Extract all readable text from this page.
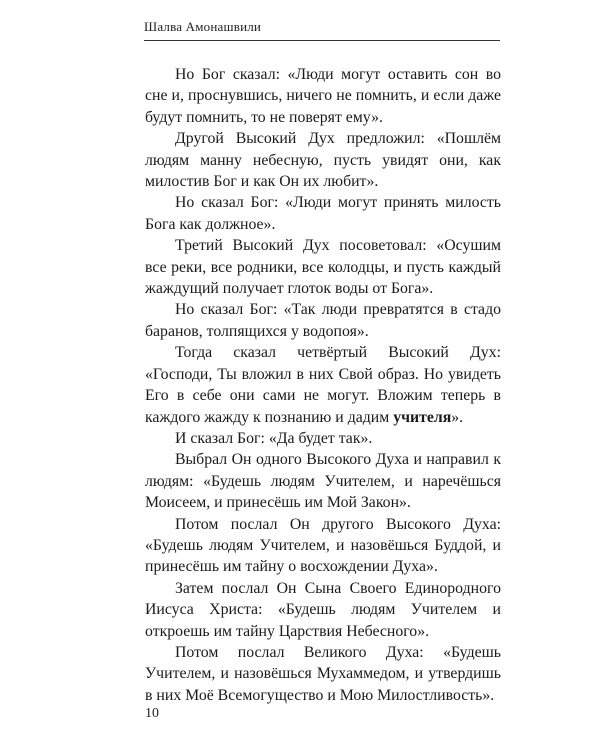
Шалва Амонашвили

Но Бог сказал: «Люди могут оставить сон во сне и, проснувшись, ничего не помнить, и если даже будут помнить, то не поверят ему».

Другой Высокий Дух предложил: «Пошлём людям манну небесную, пусть увидят они, как милостив Бог и как Он их любит».

Но сказал Бог: «Люди могут принять милость Бога как должное».

Третий Высокий Дух посоветовал: «Осушим все реки, все родники, все колодцы, и пусть каждый жаждущий получает глоток воды от Бога».

Но сказал Бог: «Так люди превратятся в стадо баранов, толпящихся у водопоя».

Тогда сказал четвёртый Высокий Дух: «Господи, Ты вложил в них Свой образ. Но увидеть Его в себе они сами не могут. Вложим теперь в каждого жажду к познанию и дадим учителя».

И сказал Бог: «Да будет так».

Выбрал Он одного Высокого Духа и направил к людям: «Будешь людям Учителем, и наречёшься Моисеем, и принесёшь им Мой Закон».

Потом послал Он другого Высокого Духа: «Будешь людям Учителем, и назовёшься Буддой, и принесёшь им тайну о восхождении Духа».

Затем послал Он Сына Своего Единородного Иисуса Христа: «Будешь людям Учителем и откроешь им тайну Царствия Небесного».

Потом послал Великого Духа: «Будешь Учителем, и назовёшься Мухаммедом, и утвердишь в них Моё Всемогущество и Мою Милостливость».

10
